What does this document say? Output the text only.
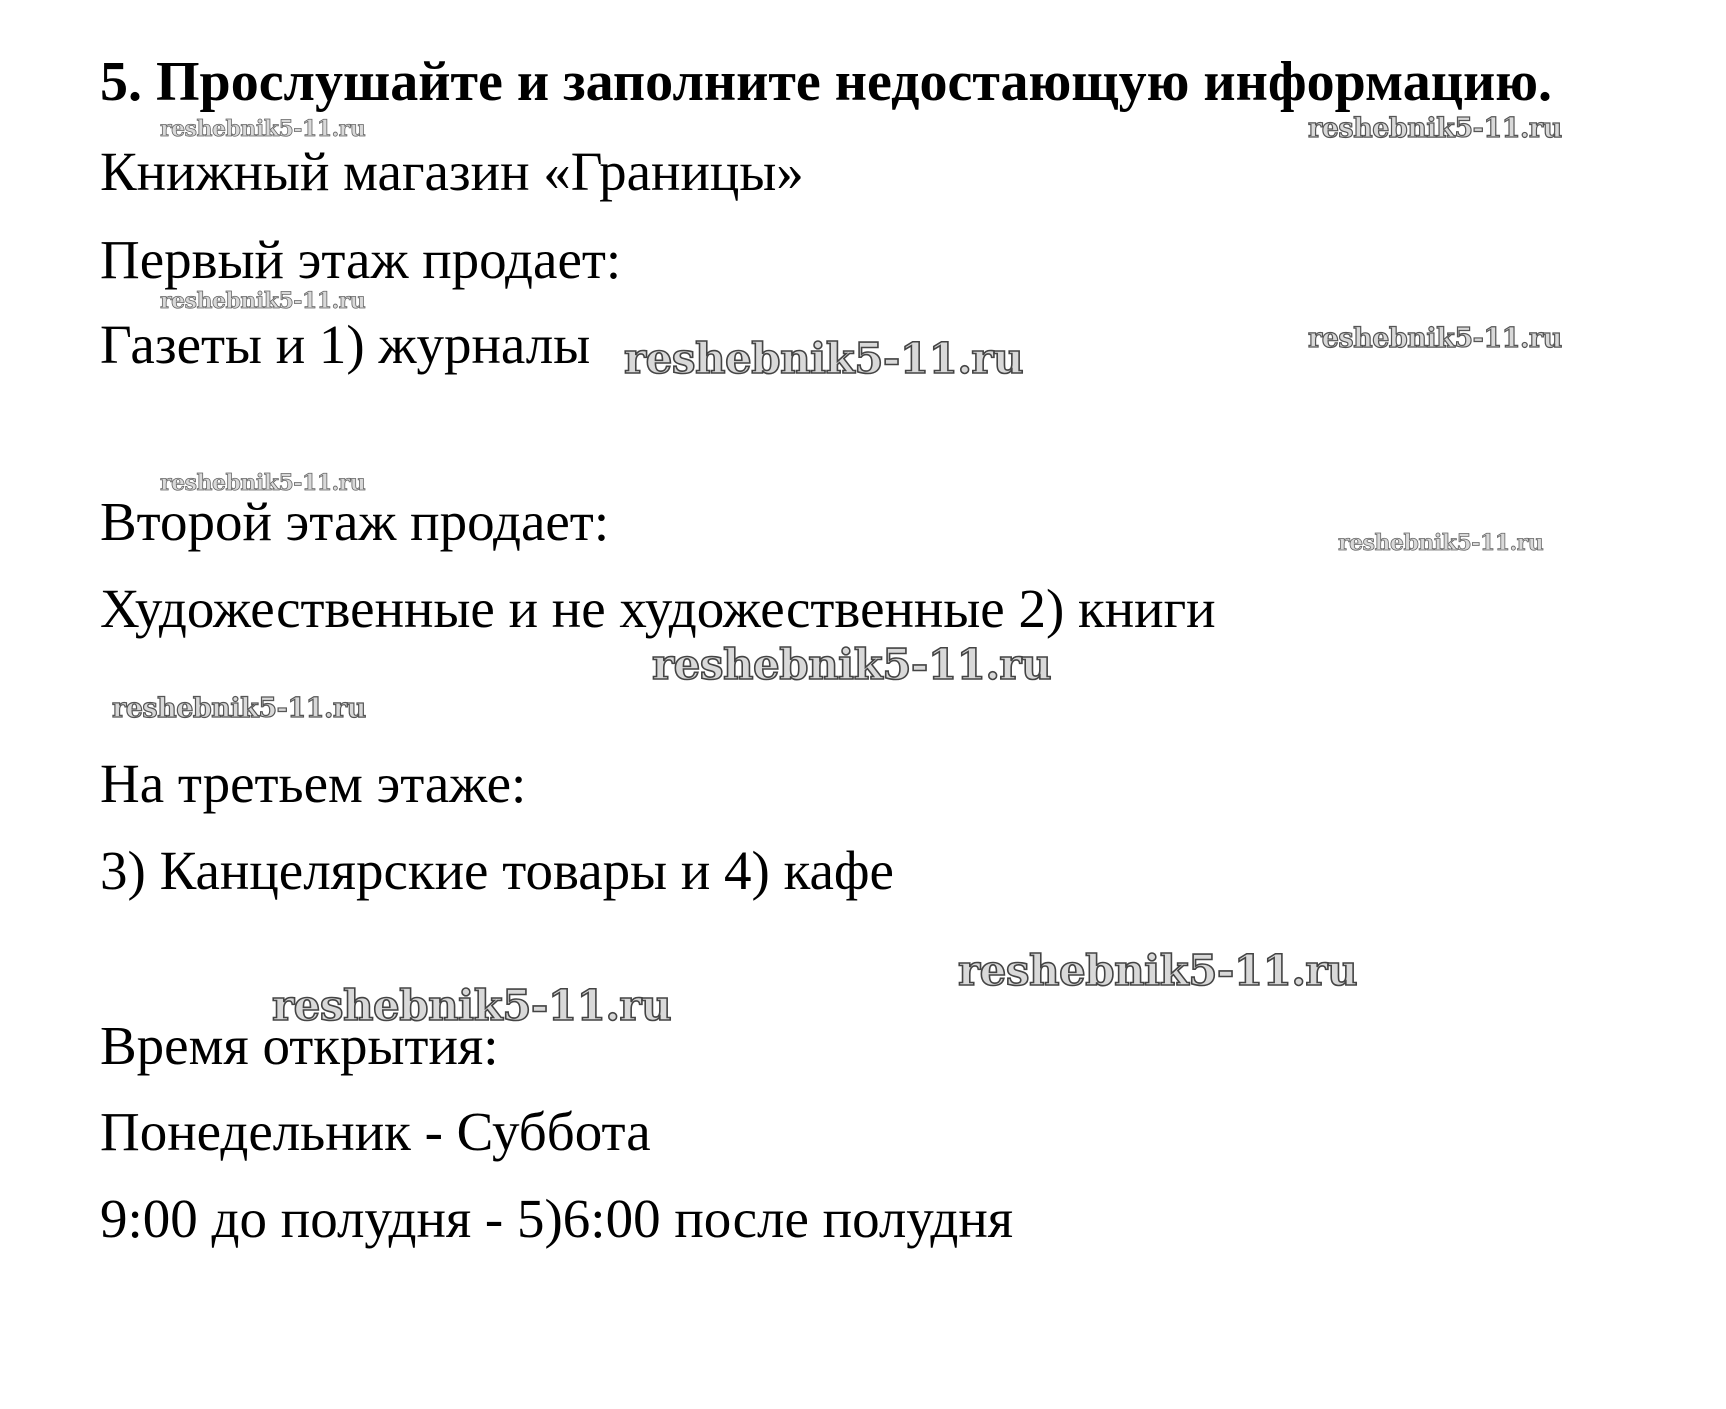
5. Прослушайте и заполните недостающую информацию.

Книжный магазин «Границы»

Первый этаж продает:

Газеты и 1) журналы

Второй этаж продает:

Художественные и не художественные 2) книги

На третьем этаже:

3) Канцелярские товары и 4) кафе

Время открытия:

Понедельник - Суббота

9:00 до полудня - 5)6:00 после полудня

reshebnik5-11.ru	reshebnik5-11.ru
reshebnik5-11.ru
reshebnik5-11.ru	reshebnik5-11.ru
reshebnik5-11.ru
reshebnik5-11.ru
reshebnik5-11.ru
reshebnik5-11.ru
reshebnik5-11.ru
reshebnik5-11.ru
